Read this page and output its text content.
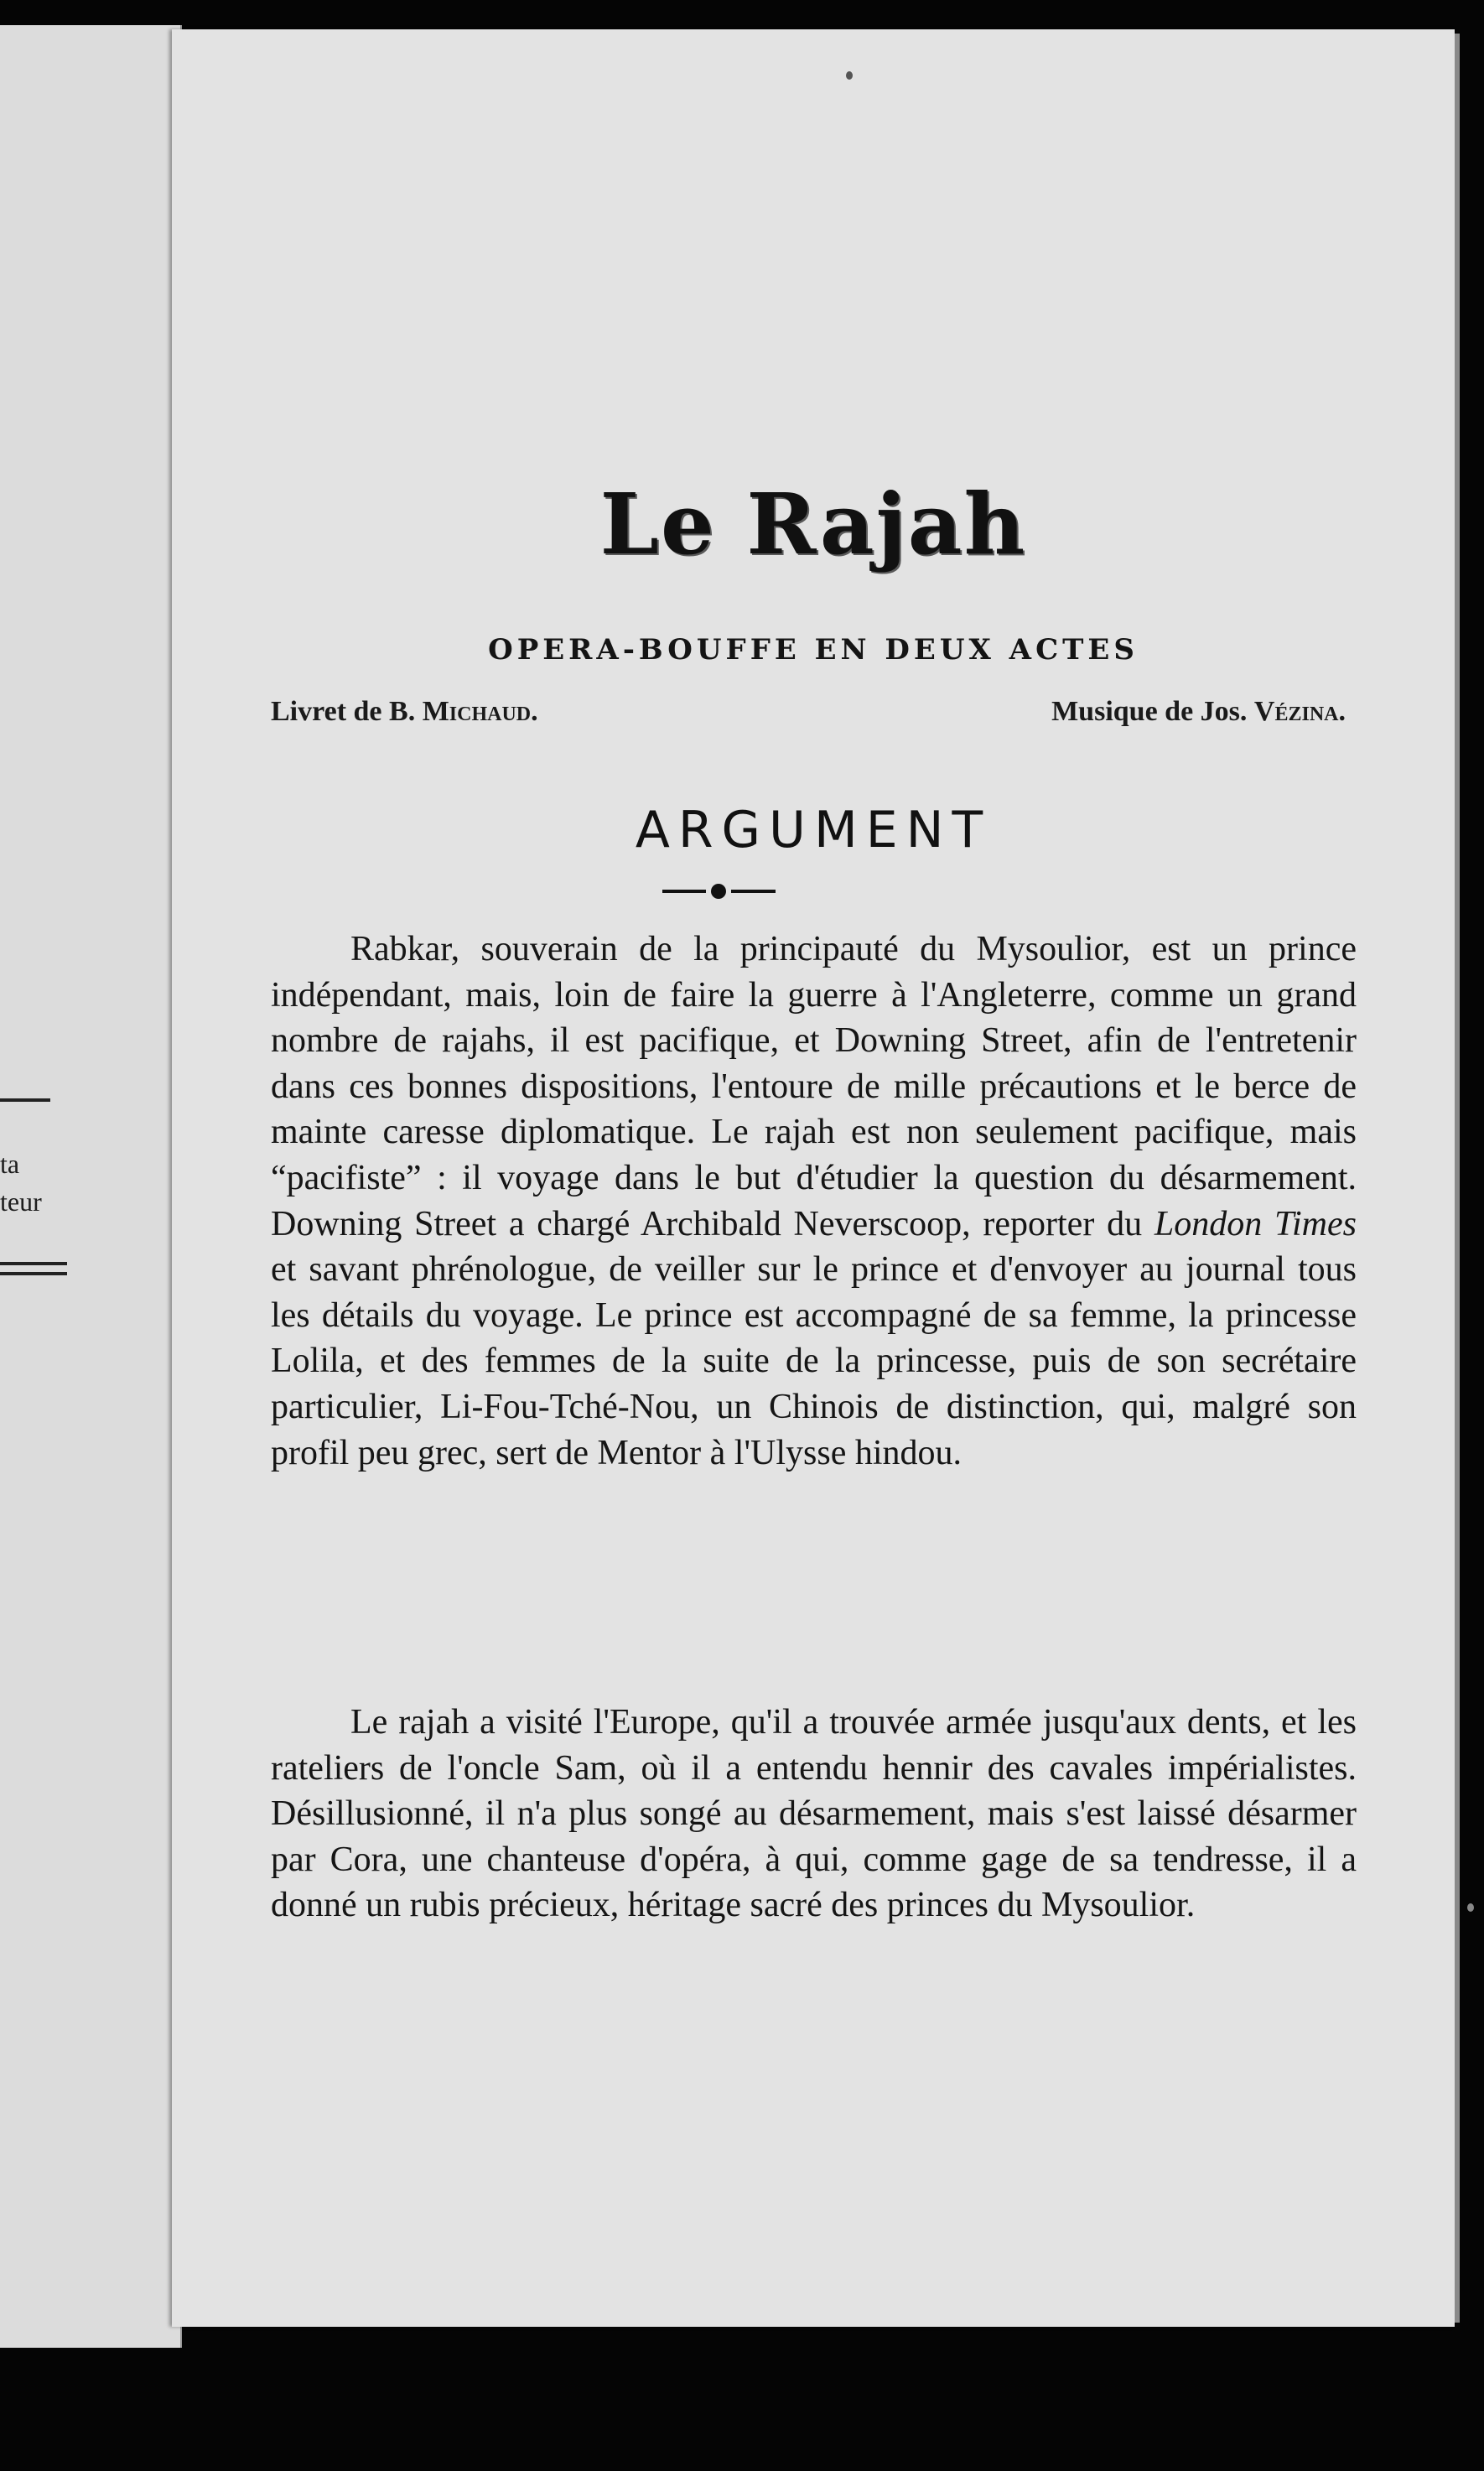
ta
teur
Le Rajah
OPERA-BOUFFE EN DEUX ACTES
Livret de B. Michaud.	Musique de Jos. Vézina.
ARGUMENT

Rabkar, souverain de la principauté du Mysoulior, est un prince indépendant, mais, loin de faire la guerre à l'Angleterre, comme un grand nombre de rajahs, il est pacifique, et Downing Street, afin de l'entretenir dans ces bonnes dispositions, l'entoure de mille précautions et le berce de mainte caresse diplomatique. Le rajah est non seulement pacifique, mais “pacifiste” : il voyage dans le but d'étudier la question du désarmement. Downing Street a chargé Archibald Neverscoop, reporter du London Times et savant phrénologue, de veiller sur le prince et d'envoyer au journal tous les détails du voyage. Le prince est accompagné de sa femme, la princesse Lolila, et des femmes de la suite de la princesse, puis de son secrétaire particulier, Li-Fou-Tché-Nou, un Chinois de distinction, qui, malgré son profil peu grec, sert de Mentor à l'Ulysse hindou.

Le rajah a visité l'Europe, qu'il a trouvée armée jusqu'aux dents, et les rateliers de l'oncle Sam, où il a entendu hennir des cavales impérialistes. Désillusionné, il n'a plus songé au désarmement, mais s'est laissé désarmer par Cora, une chanteuse d'opéra, à qui, comme gage de sa tendresse, il a donné un rubis précieux, héritage sacré des princes du Mysoulior.
